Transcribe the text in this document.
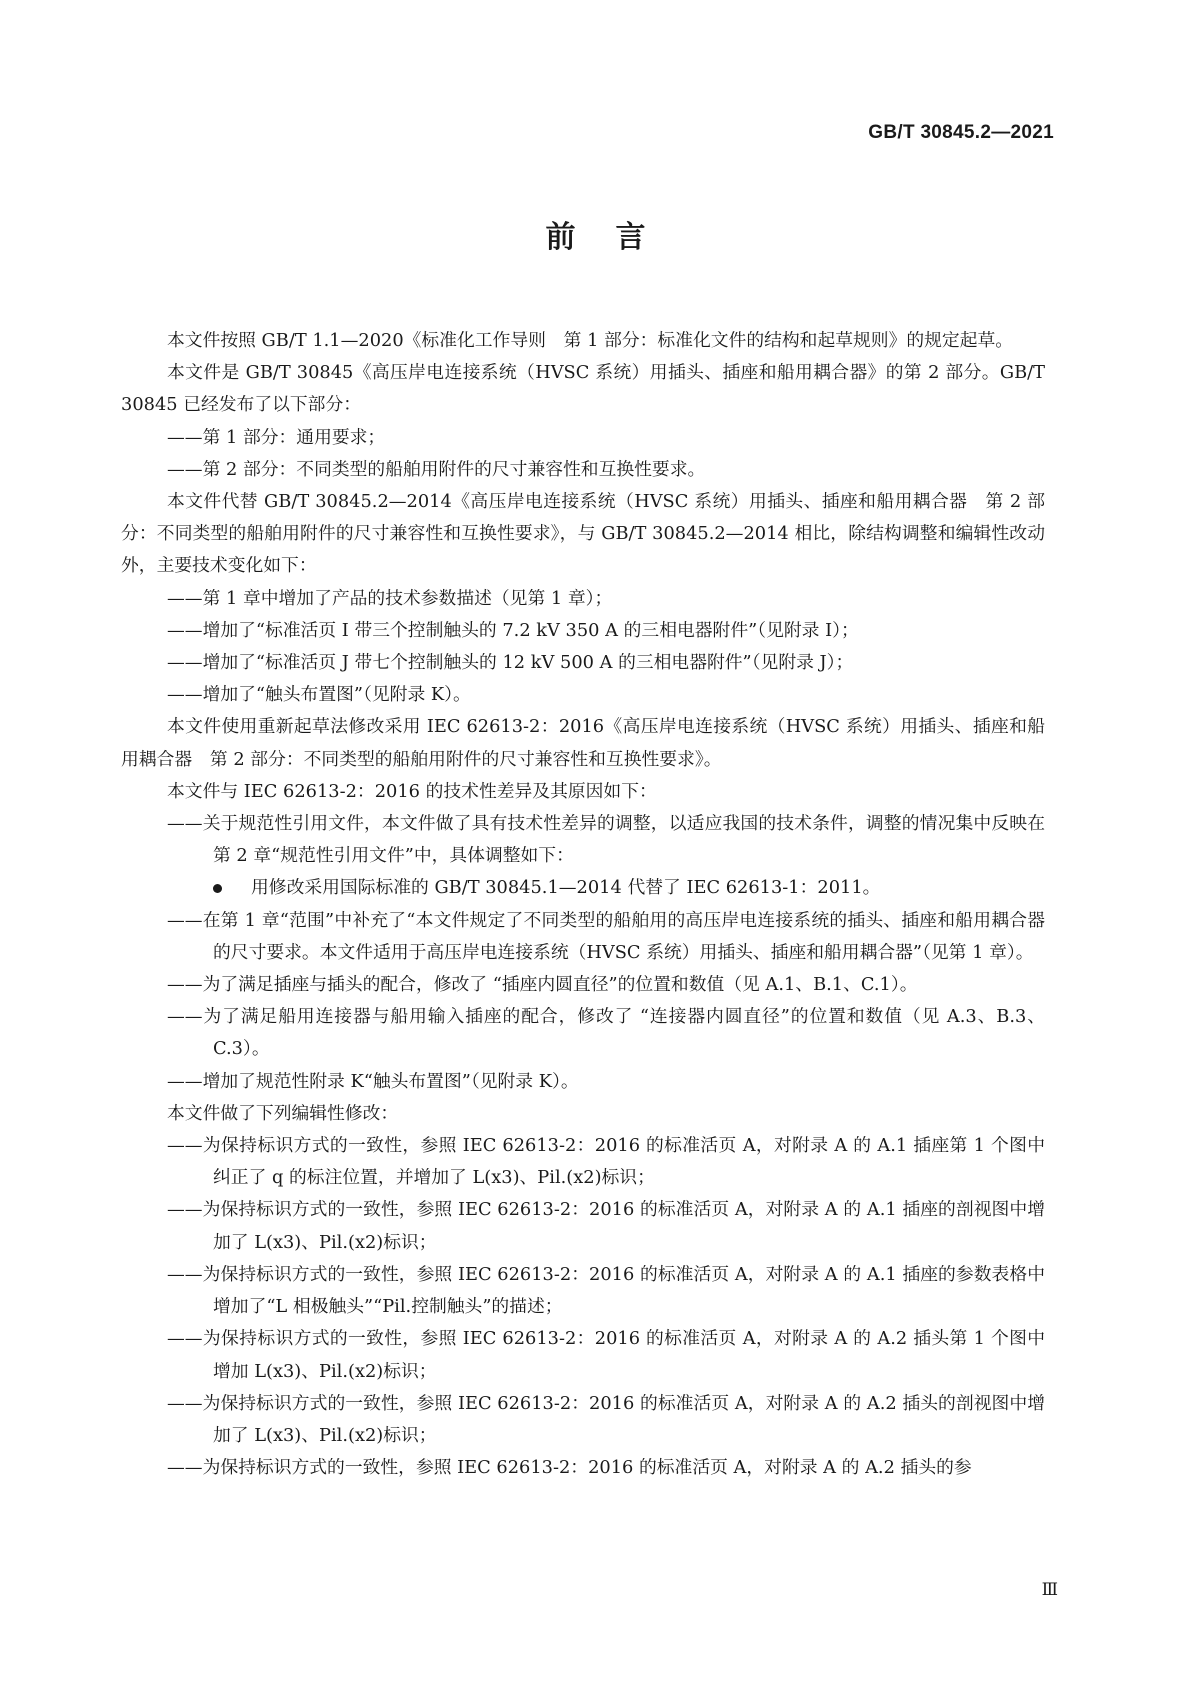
GB/T 30845.2—2021
前言

本文件按照 GB/T 1.1—2020《标准化工作导则　第 1 部分：标准化文件的结构和起草规则》的规定起草。

本文件是 GB/T 30845《高压岸电连接系统（HVSC 系统）用插头、插座和船用耦合器》的第 2 部分。GB/T 30845 已经发布了以下部分：

——第 1 部分：通用要求；

——第 2 部分：不同类型的船舶用附件的尺寸兼容性和互换性要求。

本文件代替 GB/T 30845.2—2014《高压岸电连接系统（HVSC 系统）用插头、插座和船用耦合器　第 2 部分：不同类型的船舶用附件的尺寸兼容性和互换性要求》，与 GB/T 30845.2—2014 相比，除结构调整和编辑性改动外，主要技术变化如下：

——第 1 章中增加了产品的技术参数描述（见第 1 章）；

——增加了“标准活页 I 带三个控制触头的 7.2 kV 350 A 的三相电器附件”（见附录 I）；

——增加了“标准活页 J 带七个控制触头的 12 kV 500 A 的三相电器附件”（见附录 J）；

——增加了“触头布置图”（见附录 K）。

本文件使用重新起草法修改采用 IEC 62613-2：2016《高压岸电连接系统（HVSC 系统）用插头、插座和船用耦合器　第 2 部分：不同类型的船舶用附件的尺寸兼容性和互换性要求》。

本文件与 IEC 62613-2：2016 的技术性差异及其原因如下：

——关于规范性引用文件，本文件做了具有技术性差异的调整，以适应我国的技术条件，调整的情况集中反映在第 2 章“规范性引用文件”中，具体调整如下：

用修改采用国际标准的 GB/T 30845.1—2014 代替了 IEC 62613-1：2011。

——在第 1 章“范围”中补充了“本文件规定了不同类型的船舶用的高压岸电连接系统的插头、插座和船用耦合器的尺寸要求。本文件适用于高压岸电连接系统（HVSC 系统）用插头、插座和船用耦合器”（见第 1 章）。

——为了满足插座与插头的配合，修改了 “插座内圆直径”的位置和数值（见 A.1、B.1、C.1）。

——为了满足船用连接器与船用输入插座的配合，修改了 “连接器内圆直径”的位置和数值（见 A.3、B.3、C.3）。

——增加了规范性附录 K“触头布置图”（见附录 K）。

本文件做了下列编辑性修改：

——为保持标识方式的一致性，参照 IEC 62613-2：2016 的标准活页 A，对附录 A 的 A.1 插座第 1 个图中纠正了 q 的标注位置，并增加了 L(x3)、Pil.(x2)标识；

——为保持标识方式的一致性，参照 IEC 62613-2：2016 的标准活页 A，对附录 A 的 A.1 插座的剖视图中增加了 L(x3)、Pil.(x2)标识；

——为保持标识方式的一致性，参照 IEC 62613-2：2016 的标准活页 A，对附录 A 的 A.1 插座的参数表格中增加了“L 相极触头”“Pil.控制触头”的描述；

——为保持标识方式的一致性，参照 IEC 62613-2：2016 的标准活页 A，对附录 A 的 A.2 插头第 1 个图中增加 L(x3)、Pil.(x2)标识；

——为保持标识方式的一致性，参照 IEC 62613-2：2016 的标准活页 A，对附录 A 的 A.2 插头的剖视图中增加了 L(x3)、Pil.(x2)标识；

——为保持标识方式的一致性，参照 IEC 62613-2：2016 的标准活页 A，对附录 A 的 A.2 插头的参

Ⅲ
